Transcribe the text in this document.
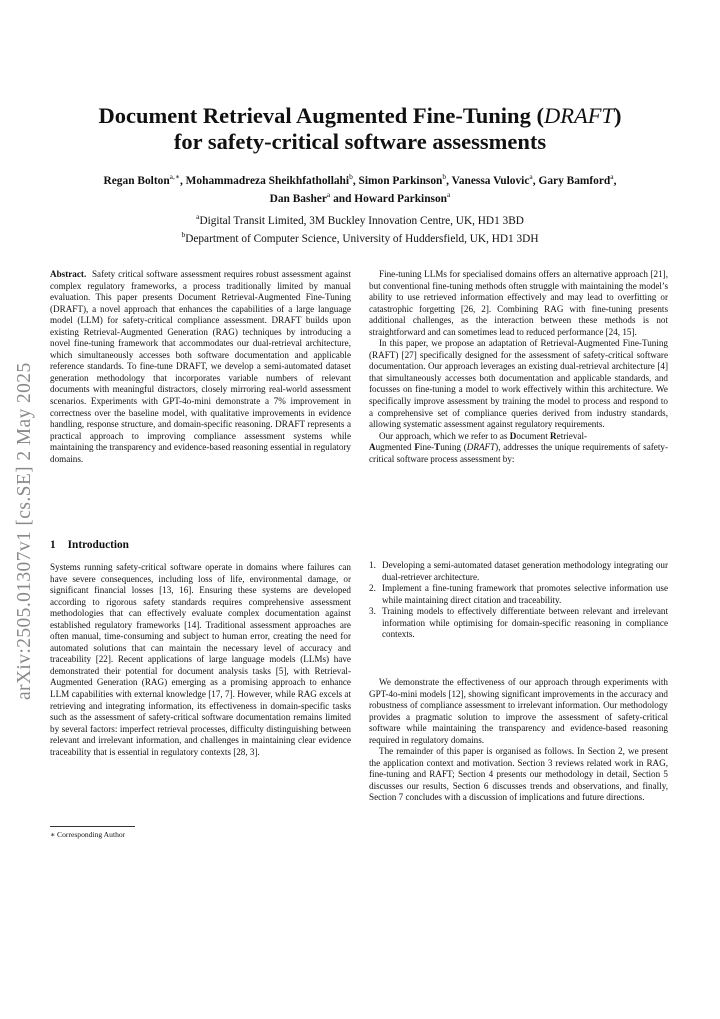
arXiv:2505.01307v1 [cs.SE] 2 May 2025
Document Retrieval Augmented Fine-Tuning (DRAFT)
for safety-critical software assessments
Regan Bolton$^{a,∗}$, Mohammadreza Sheikhfathollahi$^b$, Simon Parkinson$^b$, Vanessa Vulovic$^a$, Gary Bamford$^a$,
Dan Basher$^a$ and Howard Parkinson$^a$
$^a$Digital Transit Limited, 3M Buckley Innovation Centre, UK, HD1 3BD
$^b$Department of Computer Science, University of Huddersfield, UK, HD1 3DH

Abstract. Safety critical software assessment requires robust assessment against complex regulatory frameworks, a process traditionally limited by manual evaluation. This paper presents Document Retrieval-Augmented Fine-Tuning (DRAFT), a novel approach that enhances the capabilities of a large language model (LLM) for safety-critical compliance assessment. DRAFT builds upon existing Retrieval-Augmented Generation (RAG) techniques by introducing a novel fine-tuning framework that accommodates our dual-retrieval architecture, which simultaneously accesses both software documentation and applicable reference standards. To fine-tune DRAFT, we develop a semi-automated dataset generation methodology that incorporates variable numbers of relevant documents with meaningful distractors, closely mirroring real-world assessment scenarios. Experiments with GPT-4o-mini demonstrate a 7% improvement in correctness over the baseline model, with qualitative improvements in evidence handling, response structure, and domain-specific reasoning. DRAFT represents a practical approach to improving compliance assessment systems while maintaining the transparency and evidence-based reasoning essential in regulatory domains.

1 Introduction

Systems running safety-critical software operate in domains where failures can have severe consequences, including loss of life, environmental damage, or significant financial losses [13, 16]. Ensuring these systems are developed according to rigorous safety standards requires comprehensive assessment methodologies that can effectively evaluate complex documentation against established regulatory frameworks [14]. Traditional assessment approaches are often manual, time-consuming and subject to human error, creating the need for automated solutions that can maintain the necessary level of accuracy and traceability [22]. Recent applications of large language models (LLMs) have demonstrated their potential for document analysis tasks [5], with Retrieval-Augmented Generation (RAG) emerging as a promising approach to enhance LLM capabilities with external knowledge [17, 7]. However, while RAG excels at retrieving and integrating information, its effectiveness in domain-specific tasks such as the assessment of safety-critical software documentation remains limited by several factors: imperfect retrieval processes, difficulty distinguishing between relevant and irrelevant information, and challenges in maintaining clear evidence traceability that is essential in regulatory contexts [28, 3].

∗ Corresponding Author

Fine-tuning LLMs for specialised domains offers an alternative approach [21], but conventional fine-tuning methods often struggle with maintaining the model’s ability to use retrieved information effectively and may lead to overfitting or catastrophic forgetting [26, 2]. Combining RAG with fine-tuning presents additional challenges, as the interaction between these methods is not straightforward and can sometimes lead to reduced performance [24, 15].

In this paper, we propose an adaptation of Retrieval-Augmented Fine-Tuning (RAFT) [27] specifically designed for the assessment of safety-critical software documentation. Our approach leverages an existing dual-retrieval architecture [4] that simultaneously accesses both documentation and applicable standards, and focusses on fine-tuning a model to work effectively within this architecture. We specifically improve assessment by training the model to process and respond to a comprehensive set of compliance queries derived from industry standards, allowing systematic assessment against regulatory requirements.

Our approach, which we refer to as Document Retrieval-
Augmented Fine-Tuning (DRAFT), addresses the unique requirements of safety-critical software process assessment by:

1. Developing a semi-automated dataset generation methodology integrating our dual-retriever architecture.
2. Implement a fine-tuning framework that promotes selective information use while maintaining direct citation and traceability.
3. Training models to effectively differentiate between relevant and irrelevant information while optimising for domain-specific reasoning in compliance contexts.

We demonstrate the effectiveness of our approach through experiments with GPT-4o-mini models [12], showing significant improvements in the accuracy and robustness of compliance assessment to irrelevant information. Our methodology provides a pragmatic solution to improve the assessment of safety-critical software while maintaining the transparency and evidence-based reasoning required in regulatory domains.

The remainder of this paper is organised as follows. In Section 2, we present the application context and motivation. Section 3 reviews related work in RAG, fine-tuning and RAFT; Section 4 presents our methodology in detail, Section 5 discusses our results, Section 6 discusses trends and observations, and finally, Section 7 concludes with a discussion of implications and future directions.
